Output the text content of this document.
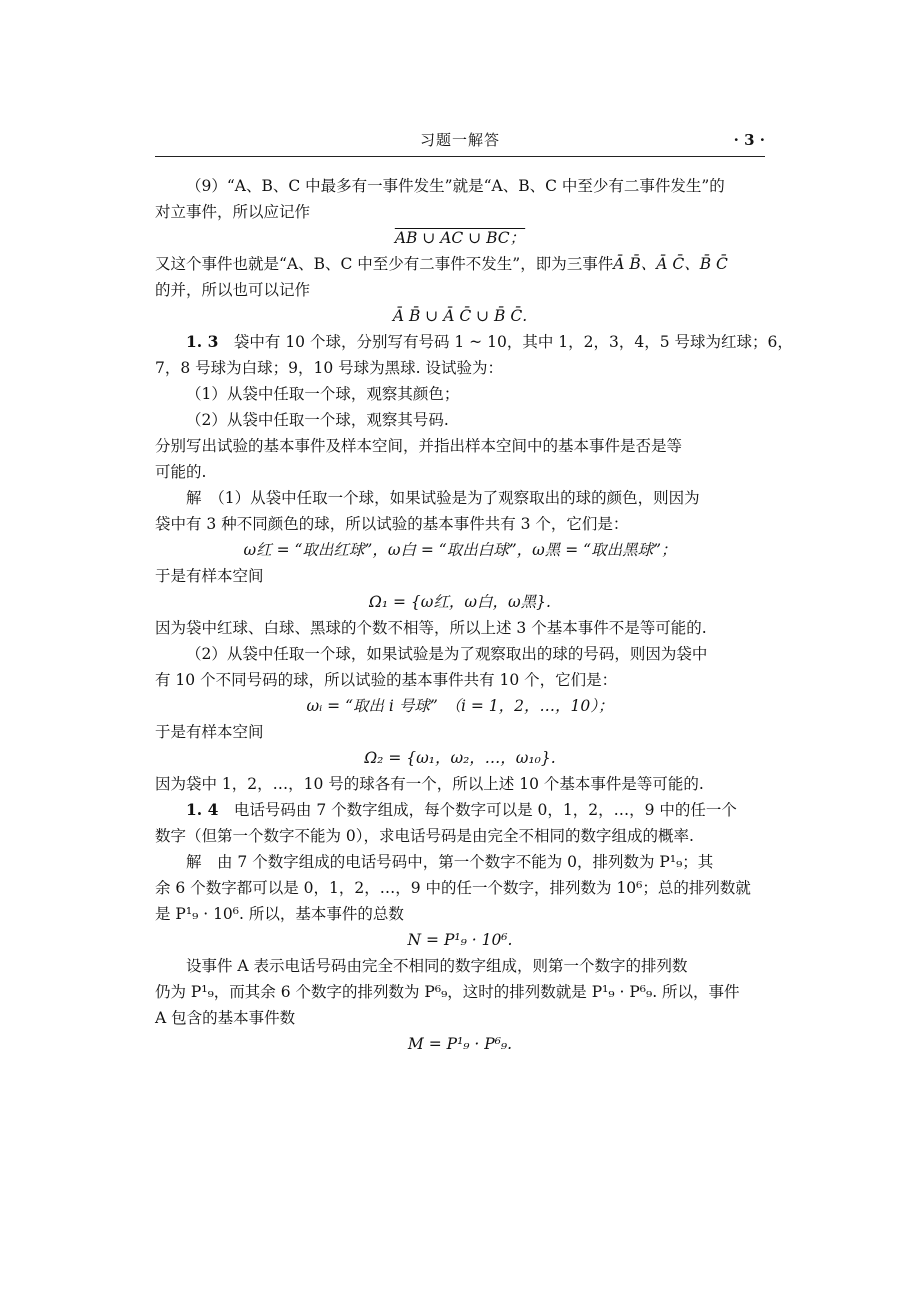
习题一解答	· 3 ·
（9）“A、B、C 中最多有一事件发生”就是“A、B、C 中至少有二事件发生”的
对立事件，所以应记作
AB ∪ AC ∪ BC；
又这个事件也就是“A、B、C 中至少有二事件不发生”，即为三事件Ā B̄、Ā C̄、B̄ C̄
的并，所以也可以记作
Ā B̄ ∪ Ā C̄ ∪ B̄ C̄.
1. 3　 袋中有 10 个球，分别写有号码 1 ~ 10，其中 1，2，3，4，5 号球为红球；6，
7，8 号球为白球；9，10 号球为黑球. 设试验为：
（1）从袋中任取一个球，观察其颜色；
（2）从袋中任取一个球，观察其号码.
分别写出试验的基本事件及样本空间，并指出样本空间中的基本事件是否是等
可能的.
解　（1）从袋中任取一个球，如果试验是为了观察取出的球的颜色，则因为
袋中有 3 种不同颜色的球，所以试验的基本事件共有 3 个，它们是：
ω红 = “取出红球”，ω白 = “取出白球”，ω黑 = “取出黑球”；
于是有样本空间
Ω₁ = {ω红，ω白，ω黑}.
因为袋中红球、白球、黑球的个数不相等，所以上述 3 个基本事件不是等可能的.
（2）从袋中任取一个球，如果试验是为了观察取出的球的号码，则因为袋中
有 10 个不同号码的球，所以试验的基本事件共有 10 个，它们是：
ωᵢ = “取出 i 号球”　（i = 1，2，…，10）；
于是有样本空间
Ω₂ = {ω₁，ω₂，…，ω₁₀}.
因为袋中 1，2，…，10 号的球各有一个，所以上述 10 个基本事件是等可能的.
1. 4　 电话号码由 7 个数字组成，每个数字可以是 0，1，2，…，9 中的任一个
数字（但第一个数字不能为 0），求电话号码是由完全不相同的数字组成的概率.
解　由 7 个数字组成的电话号码中，第一个数字不能为 0，排列数为 P¹₉；其
余 6 个数字都可以是 0，1，2，…，9 中的任一个数字，排列数为 10⁶；总的排列数就
是 P¹₉ · 10⁶. 所以，基本事件的总数
N = P¹₉ · 10⁶.
设事件 A 表示电话号码由完全不相同的数字组成，则第一个数字的排列数
仍为 P¹₉，而其余 6 个数字的排列数为 P⁶₉，这时的排列数就是 P¹₉ · P⁶₉. 所以，事件
A 包含的基本事件数
M = P¹₉ · P⁶₉.
